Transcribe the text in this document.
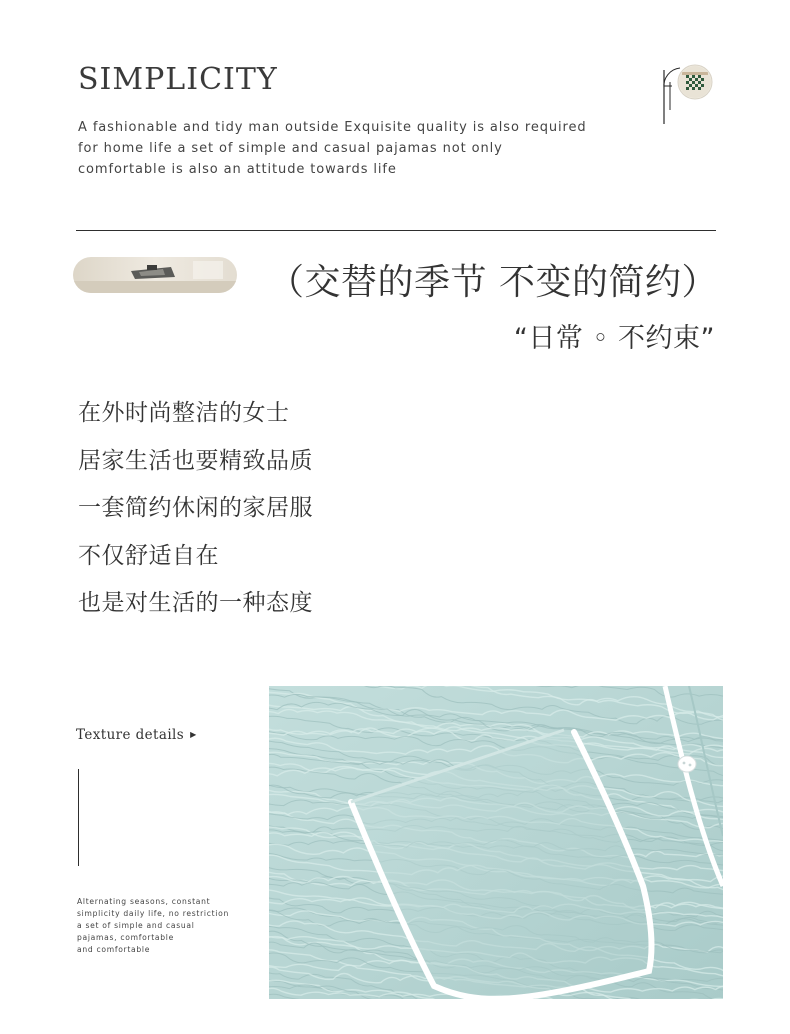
SIMPLICITY
A fashionable and tidy man outside Exquisite quality is also required
for home life a set of simple and casual pajamas not only
comfortable is also an attitude towards life
（交替的季节 不变的简约）
“日常 ◦ 不约束”
在外时尚整洁的女士
居家生活也要精致品质
一套简约休闲的家居服
不仅舒适自在
也是对生活的一种态度
Texture details ▶
Alternating seasons, constant
simplicity daily life, no restriction
a set of simple and casual
pajamas, comfortable
and comfortable
